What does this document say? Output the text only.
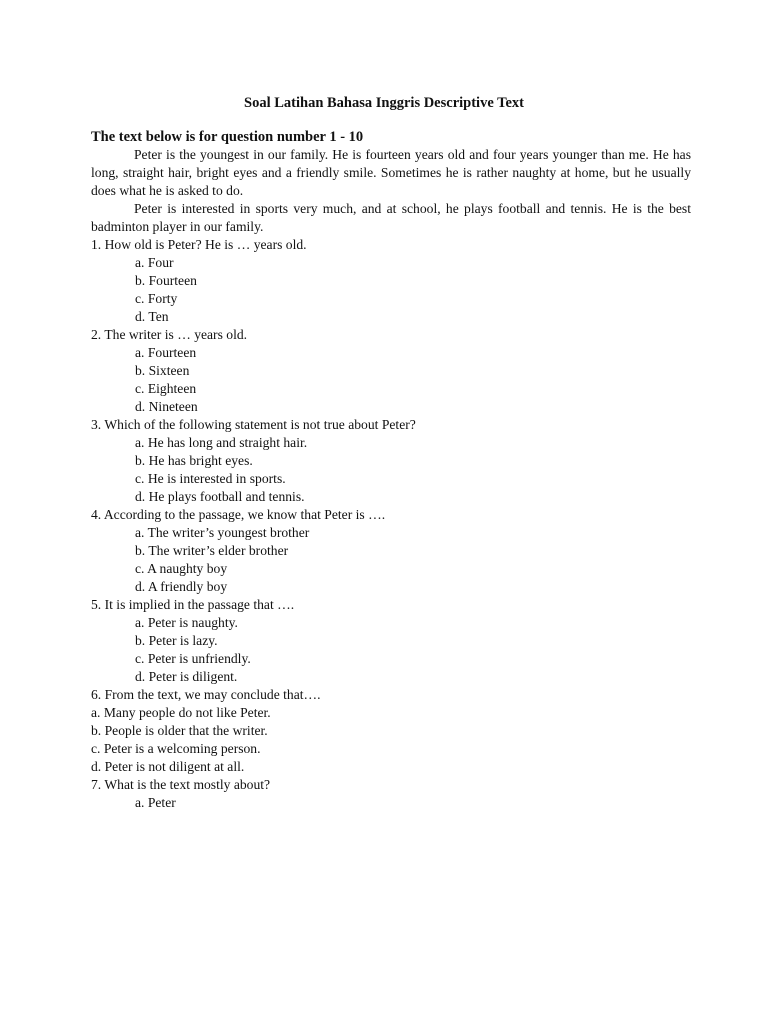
Soal Latihan Bahasa Inggris Descriptive Text
The text below is for question number 1 - 10

Peter is the youngest in our family. He is fourteen years old and four years younger than me. He has long, straight hair, bright eyes and a friendly smile. Sometimes he is rather naughty at home, but he usually does what he is asked to do.

Peter is interested in sports very much, and at school, he plays football and tennis. He is the best badminton player in our family.

1. How old is Peter? He is … years old.
a. Four
b. Fourteen
c. Forty
d. Ten
2. The writer is … years old.
a. Fourteen
b. Sixteen
c. Eighteen
d. Nineteen
3. Which of the following statement is not true about Peter?
a. He has long and straight hair.
b. He has bright eyes.
c. He is interested in sports.
d. He plays football and tennis.
4. According to the passage, we know that Peter is ….
a. The writer’s youngest brother
b. The writer’s elder brother
c. A naughty boy
d. A friendly boy
5. It is implied in the passage that ….
a. Peter is naughty.
b. Peter is lazy.
c. Peter is unfriendly.
d. Peter is diligent.
6. From the text, we may conclude that….
a. Many people do not like Peter.
b. People is older that the writer.
c. Peter is a welcoming person.
d. Peter is not diligent at all.
7. What is the text mostly about?
a. Peter
